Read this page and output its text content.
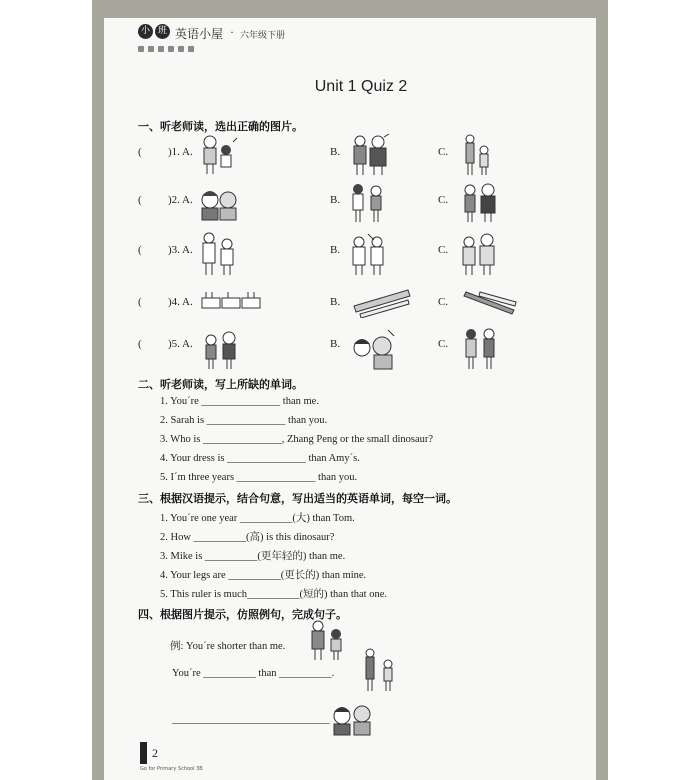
小 班 英语小屋 · 六年级下册
Unit 1 Quiz 2
一、听老师读，选出正确的图片。
( )1. A.	B.	C.
( )2. A.	B.	C.
( )3. A.	B.	C.
( )4. A.	B.	C.
( )5. A.	B.	C.
二、听老师读，写上所缺的单词。
1. You´re _______________ than me.
2. Sarah is _______________ than you.
3. Who is _______________, Zhang Peng or the small dinosaur?
4. Your dress is _______________ than Amy´s.
5. I´m three years _______________ than you.
三、根据汉语提示，结合句意，写出适当的英语单词，每空一词。
1. You´re one year __________(大) than Tom.
2. How __________(高) is this dinosaur?
3. Mike is __________(更年轻的) than me.
4. Your legs are __________(更长的) than mine.
5. This ruler is much__________(短的) than that one.
四、根据图片提示，仿照例句，完成句子。
例: You´re shorter than me.
You´re __________ than __________.
______________________________
2
Go for Primary School 3B
